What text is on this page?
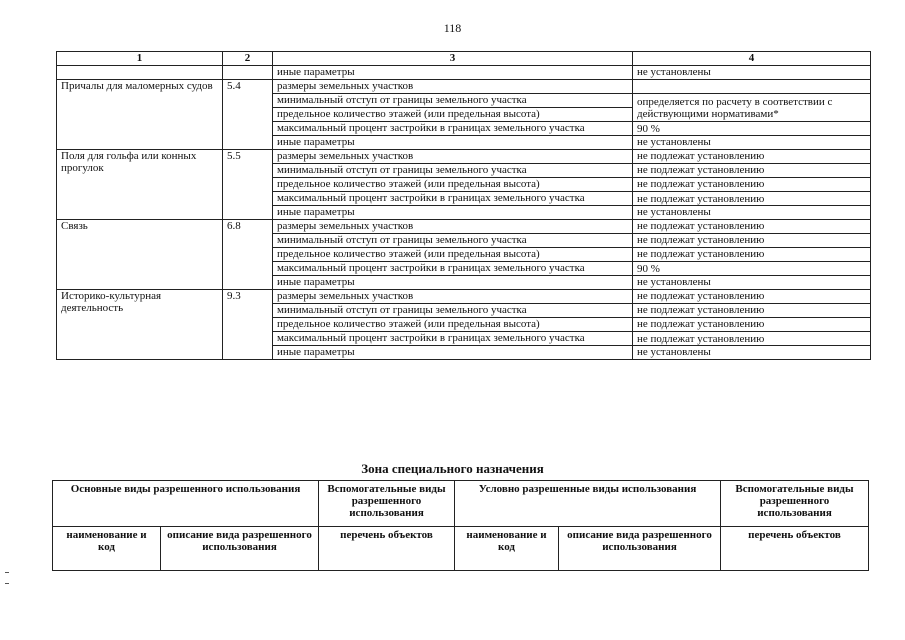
118
1	2	3	4
		иные параметры	не установлены
Причалы для маломерных судов	5.4	размеры земельных участков	
		минимальный отступ от границы земельного участка	определяется по расчету в соответствии с действующими нормативами*
		предельное количество этажей (или предельная высота)	
		максимальный процент застройки в границах земельного участка	90 %

		иные параметры	не установлены
Поля для гольфа или конных прогулок	5.5	размеры земельных участков	не подлежат установлению
		минимальный отступ от границы земельного участка	не подлежат установлению
		предельное количество этажей (или предельная высота)	не подлежат установлению
		максимальный процент застройки в границах земельного участка	не подлежат установлению
		иные параметры	не установлены
Связь	6.8	размеры земельных участков	не подлежат установлению
		минимальный отступ от границы земельного участка	не подлежат установлению
		предельное количество этажей (или предельная высота)	не подлежат установлению
		максимальный процент застройки в границах земельного участка	90 %
		иные параметры	не установлены
Историко-культурная деятельность	9.3	размеры земельных участков	не подлежат установлению
		минимальный отступ от границы земельного участка	не подлежат установлению
		предельное количество этажей (или предельная высота)	не подлежат установлению
		максимальный процент застройки в границах земельного участка	не подлежат установлению
		иные параметры	не установлены
Зона специального назначения
Основные виды разрешенного использования		Вспомогательные виды разрешенного использования	Условно разрешенные виды использования		Вспомогательные виды разрешенного использования
наименование и код	описание вида разрешенного использования	перечень объектов	наименование и код	описание вида разрешенного использования	перечень объектов
